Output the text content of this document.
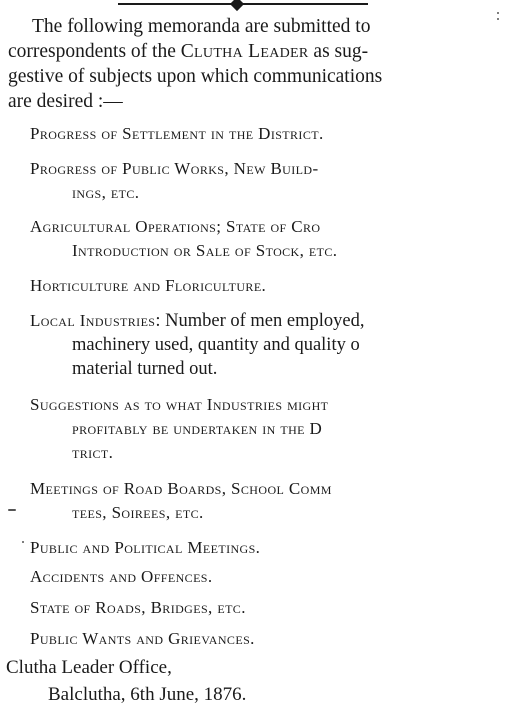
The following memoranda are submitted to
correspondents of the Clutha Leader as sug-
gestive of subjects upon which communications
are desired :—
Progress of Settlement in the District.
Progress of Public Works, New Build-
ings, etc.
Agricultural Operations; State of Cro
Introduction or Sale of Stock, etc.
Horticulture and Floriculture.
Local Industries: Number of men employed,
machinery used, quantity and quality o
material turned out.
Suggestions as to what Industries might
profitably be undertaken in the D
trict.
Meetings of Road Boards, School Comm
tees, Soirees, etc.
Public and Political Meetings.
Accidents and Offences.
State of Roads, Bridges, etc.
Public Wants and Grievances.
Clutha Leader Office,
Balclutha, 6th June, 1876.
